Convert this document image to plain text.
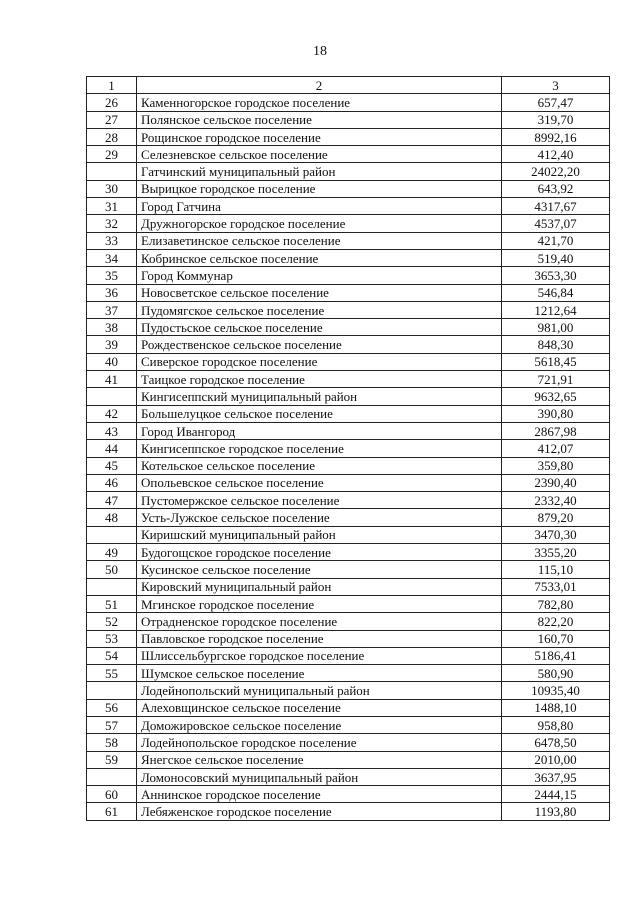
18
1	2	3
26	Каменногорское городское поселение	657,47
27	Полянское сельское поселение	319,70
28	Рощинское городское поселение	8992,16
29	Селезневское сельское поселение	412,40
	Гатчинский муниципальный район	24022,20
30	Вырицкое городское поселение	643,92
31	Город Гатчина	4317,67
32	Дружногорское городское поселение	4537,07
33	Елизаветинское сельское поселение	421,70
34	Кобринское сельское поселение	519,40
35	Город Коммунар	3653,30
36	Новосветское сельское поселение	546,84
37	Пудомягское сельское поселение	1212,64
38	Пудостьское сельское поселение	981,00
39	Рождественское сельское поселение	848,30
40	Сиверское городское поселение	5618,45
41	Таицкое городское поселение	721,91
	Кингисеппский муниципальный район	9632,65
42	Большелуцкое сельское поселение	390,80
43	Город Ивангород	2867,98
44	Кингисеппское городское поселение	412,07
45	Котельское сельское поселение	359,80
46	Опольевское сельское поселение	2390,40
47	Пустомержское сельское поселение	2332,40
48	Усть-Лужское сельское поселение	879,20
	Киришский муниципальный район	3470,30
49	Будогощское городское поселение	3355,20
50	Кусинское сельское поселение	115,10
	Кировский муниципальный район	7533,01
51	Мгинское городское поселение	782,80
52	Отрадненское городское поселение	822,20
53	Павловское городское поселение	160,70
54	Шлиссельбургское городское поселение	5186,41
55	Шумское сельское поселение	580,90
	Лодейнопольский муниципальный район	10935,40
56	Алеховщинское сельское поселение	1488,10
57	Доможировское сельское поселение	958,80
58	Лодейнопольское городское поселение	6478,50
59	Янегское сельское поселение	2010,00
	Ломоносовский муниципальный район	3637,95
60	Аннинское городское поселение	2444,15
61	Лебяженское городское поселение	1193,80
